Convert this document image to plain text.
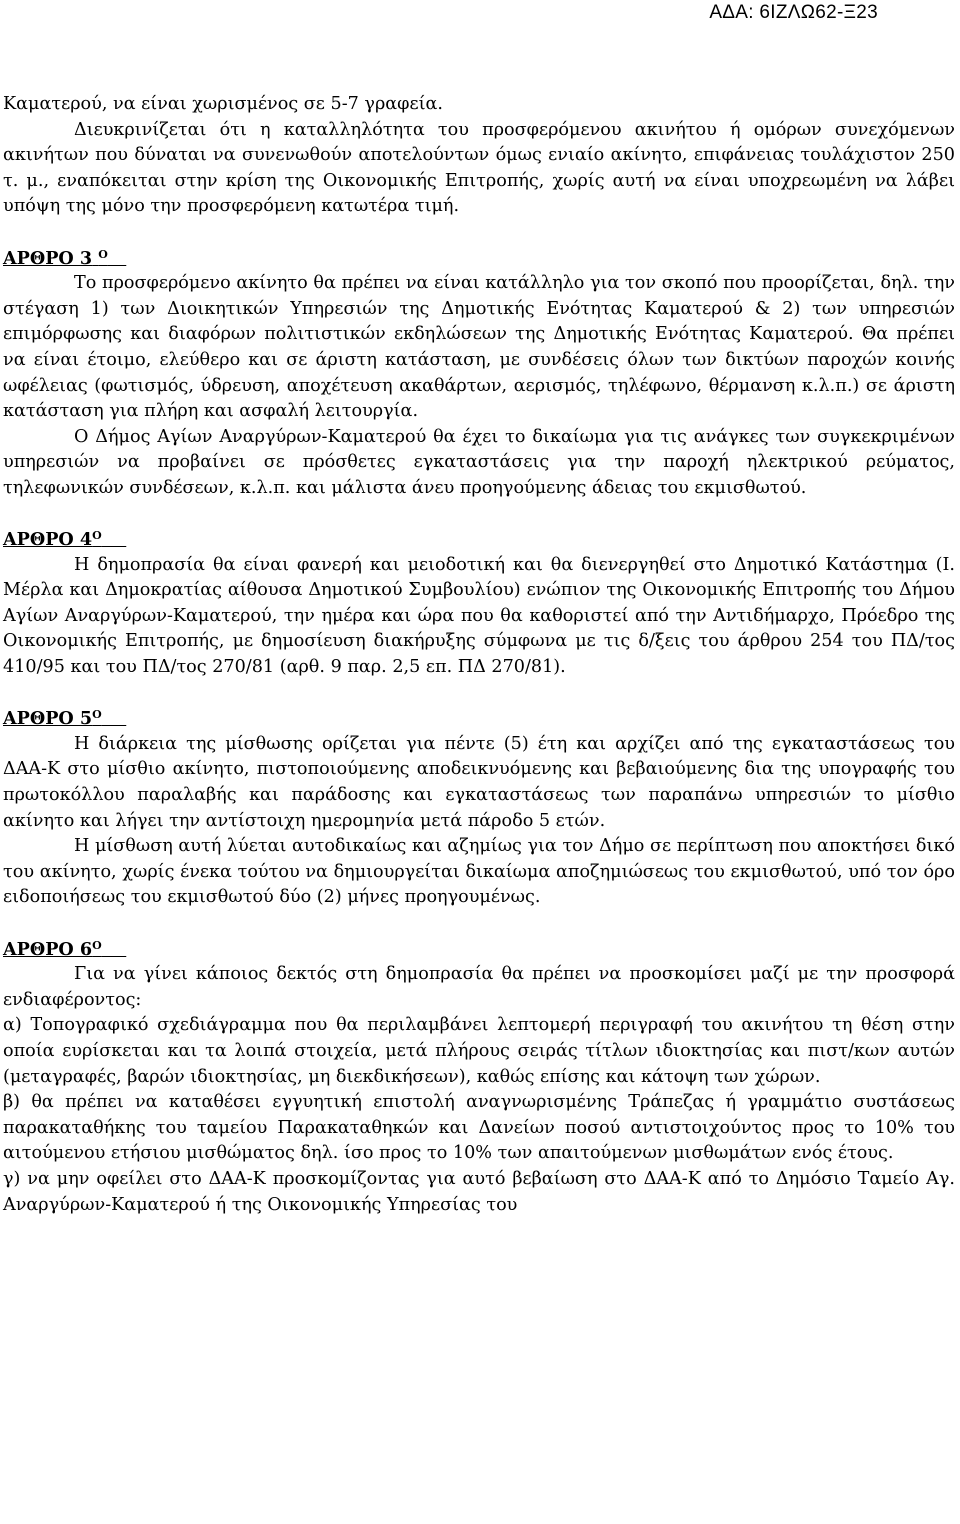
ΑΔΑ: 6ΙΖΛΩ62-Ξ23

Καματερού, να είναι χωρισμένος σε 5-7 γραφεία.

Διευκρινίζεται ότι η καταλληλότητα του προσφερόμενου ακινήτου ή ομόρων συνεχόμενων ακινήτων που δύναται να συνενωθούν αποτελούντων όμως ενιαίο ακίνητο, επιφάνειας τουλάχιστον 250 τ. μ., εναπόκειται στην κρίση της Οικονομικής Επιτροπής, χωρίς αυτή να είναι υποχρεωμένη να λάβει υπόψη της μόνο την προσφερόμενη κατωτέρα τιμή.

ΑΡΘΡΟ 3 $^O$

Το προσφερόμενο ακίνητο θα πρέπει να είναι κατάλληλο για τον σκοπό που προορίζεται, δηλ. την στέγαση 1) των Διοικητικών Υπηρεσιών της Δημοτικής Ενότητας Καματερού & 2) των υπηρεσιών επιμόρφωσης και διαφόρων πολιτιστικών εκδηλώσεων της Δημοτικής Ενότητας Καματερού. Θα πρέπει να είναι έτοιμο, ελεύθερο και σε άριστη κατάσταση, με συνδέσεις όλων των δικτύων παροχών κοινής ωφέλειας (φωτισμός, ύδρευση, αποχέτευση ακαθάρτων, αερισμός, τηλέφωνο, θέρμανση κ.λ.π.) σε άριστη κατάσταση για πλήρη και ασφαλή λειτουργία.

Ο Δήμος Αγίων Αναργύρων-Καματερού θα έχει το δικαίωμα για τις ανάγκες των συγκεκριμένων υπηρεσιών να προβαίνει σε πρόσθετες εγκαταστάσεις για την παροχή ηλεκτρικού ρεύματος, τηλεφωνικών συνδέσεων, κ.λ.π. και μάλιστα άνευ προηγούμενης άδειας του εκμισθωτού.

ΑΡΘΡΟ $4^O$

Η δημοπρασία θα είναι φανερή και μειοδοτική και θα διενεργηθεί στο Δημοτικό Κατάστημα (Ι. Μέρλα και Δημοκρατίας αίθουσα Δημοτικού Συμβουλίου) ενώπιον της Οικονομικής Επιτροπής του Δήμου Αγίων Αναργύρων-Καματερού, την ημέρα και ώρα που θα καθοριστεί από την Αντιδήμαρχο, Πρόεδρο της Οικονομικής Επιτροπής, με δημοσίευση διακήρυξης σύμφωνα με τις δ/ξεις του άρθρου 254 του ΠΔ/τος 410/95 και του ΠΔ/τος 270/81 (αρθ. 9 παρ. 2,5 επ. ΠΔ 270/81).

ΑΡΘΡΟ $5^O$

Η διάρκεια της μίσθωσης ορίζεται για πέντε (5) έτη και αρχίζει από της εγκαταστάσεως του ΔΑΑ-Κ στο μίσθιο ακίνητο, πιστοποιούμενης αποδεικνυόμενης και βεβαιούμενης δια της υπογραφής του πρωτοκόλλου παραλαβής και παράδοσης και εγκαταστάσεως των παραπάνω υπηρεσιών το μίσθιο ακίνητο και λήγει την αντίστοιχη ημερομηνία μετά πάροδο 5 ετών.

Η μίσθωση αυτή λύεται αυτοδικαίως και αζημίως για τον Δήμο σε περίπτωση που αποκτήσει δικό του ακίνητο, χωρίς ένεκα τούτου να δημιουργείται δικαίωμα αποζημιώσεως του εκμισθωτού, υπό τον όρο ειδοποιήσεως του εκμισθωτού δύο (2) μήνες προηγουμένως.

ΑΡΘΡΟ $6^O$

Για να γίνει κάποιος δεκτός στη δημοπρασία θα πρέπει να προσκομίσει μαζί με την προσφορά ενδιαφέροντος:

α) Τοπογραφικό σχεδιάγραμμα που θα περιλαμβάνει λεπτομερή περιγραφή του ακινήτου τη θέση στην οποία ευρίσκεται και τα λοιπά στοιχεία, μετά πλήρους σειράς τίτλων ιδιοκτησίας και πιστ/κων αυτών (μεταγραφές, βαρών ιδιοκτησίας, μη διεκδικήσεων), καθώς επίσης και κάτοψη των χώρων.

β) θα πρέπει να καταθέσει εγγυητική επιστολή αναγνωρισμένης Τράπεζας ή γραμμάτιο συστάσεως παρακαταθήκης του ταμείου Παρακαταθηκών και Δανείων ποσού αντιστοιχούντος προς το 10% του αιτούμενου ετήσιου μισθώματος δηλ. ίσο προς το 10% των απαιτούμενων μισθωμάτων ενός έτους.

γ) να μην οφείλει στο ΔΑΑ-Κ προσκομίζοντας για αυτό βεβαίωση στο ΔΑΑ-Κ από το Δημόσιο Ταμείο Αγ. Αναργύρων-Καματερού ή της Οικονομικής Υπηρεσίας του
